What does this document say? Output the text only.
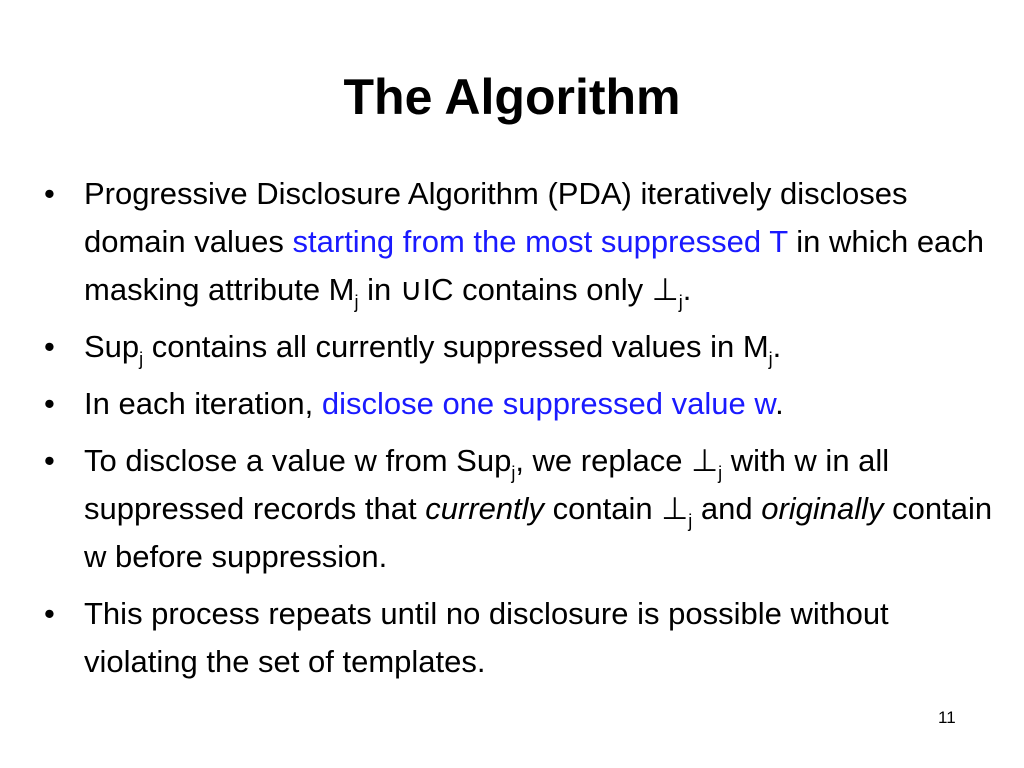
The Algorithm
• Progressive Disclosure Algorithm (PDA) iteratively discloses domain values starting from the most suppressed T in which each masking attribute $M_j$ in ∪IC contains only $\perp_j$.
• Sup$_j$ contains all currently suppressed values in $M_j$.
• In each iteration, disclose one suppressed value w.
• To disclose a value w from Sup$_j$, we replace $\perp_j$ with w in all suppressed records that currently contain $\perp_j$ and originally contain w before suppression.
• This process repeats until no disclosure is possible without violating the set of templates.
11
